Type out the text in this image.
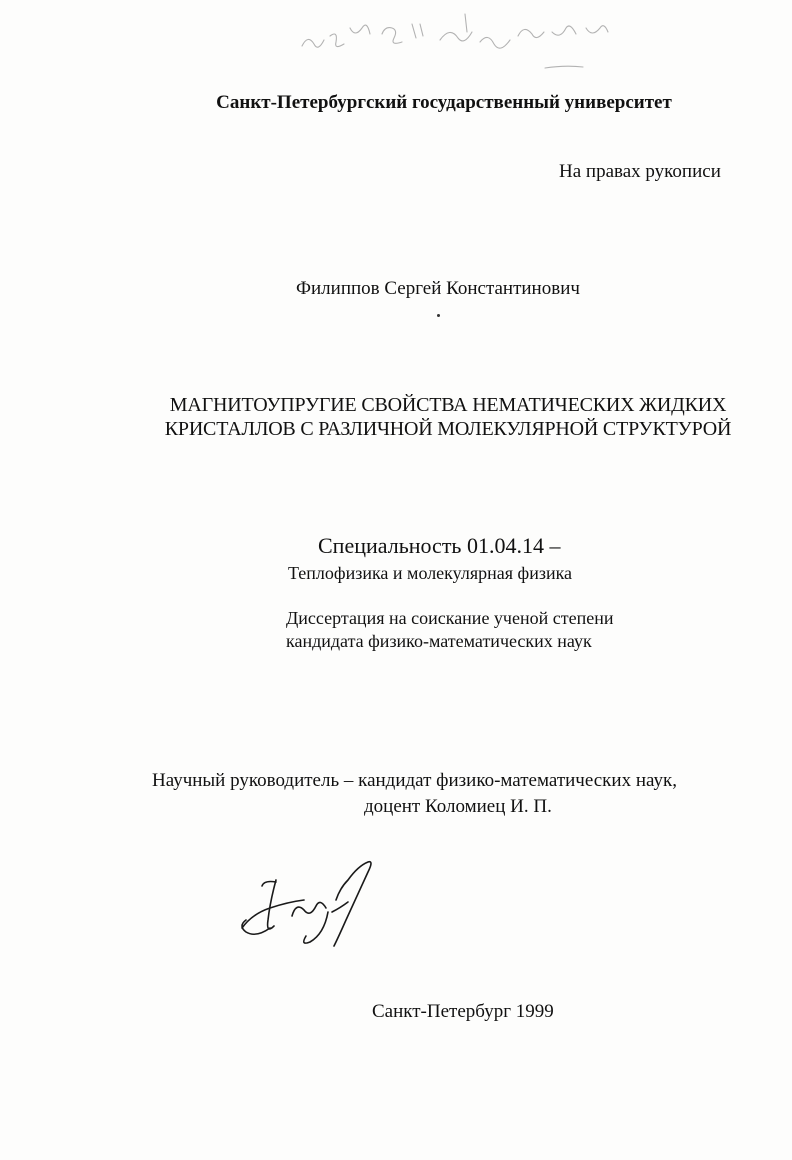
Санкт-Петербургский государственный университет

На правах рукописи

Филиппов Сергей Константинович

МАГНИТОУПРУГИЕ СВОЙСТВА НЕМАТИЧЕСКИХ ЖИДКИХ

КРИСТАЛЛОВ С РАЗЛИЧНОЙ МОЛЕКУЛЯРНОЙ СТРУКТУРОЙ

Специальность 01.04.14 –

Теплофизика и молекулярная физика

Диссертация на соискание ученой степени

кандидата физико-математических наук

Научный руководитель – кандидат физико-математических наук,

доцент Коломиец И. П.

Санкт-Петербург 1999
